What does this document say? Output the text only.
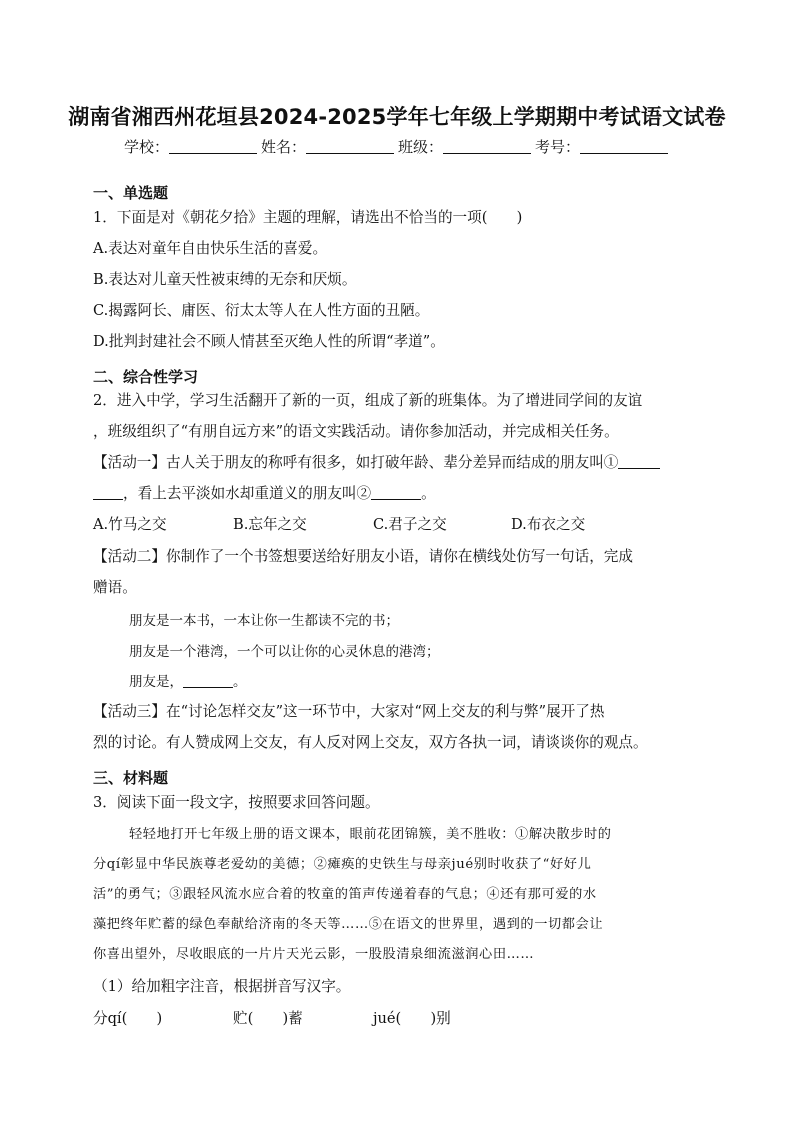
湖南省湘西州花垣县2024-2025学年七年级上学期期中考试语文试卷
学校：	姓名：	班级：	考号：
一、单选题
1．下面是对《朝花夕拾》主题的理解，请选出不恰当的一项(　　)
A.表达对童年自由快乐生活的喜爱。
B.表达对儿童天性被束缚的无奈和厌烦。
C.揭露阿长、庸医、衍太太等人在人性方面的丑陋。
D.批判封建社会不顾人情甚至灭绝人性的所谓“孝道”。
二、综合性学习
2．进入中学，学习生活翻开了新的一页，组成了新的班集体。为了增进同学间的友谊
，班级组织了“有朋自远方来”的语文实践活动。请你参加活动，并完成相关任务。
【活动一】古人关于朋友的称呼有很多，如打破年龄、辈分差异而结成的朋友叫①
，看上去平淡如水却重道义的朋友叫②	。
A.竹马之交	B.忘年之交	C.君子之交	D.布衣之交
【活动二】你制作了一个书签想要送给好朋友小语，请你在横线处仿写一句话，完成
赠语。
朋友是一本书，一本让你一生都读不完的书；
朋友是一个港湾，一个可以让你的心灵休息的港湾；
朋友是，	。
【活动三】在“讨论怎样交友”这一环节中，大家对“网上交友的利与弊”展开了热
烈的讨论。有人赞成网上交友，有人反对网上交友，双方各执一词，请谈谈你的观点。
三、材料题
3．阅读下面一段文字，按照要求回答问题。
轻轻地打开七年级上册的语文课本，眼前花团锦簇，美不胜收：①解决散步时的
分qí彰显中华民族尊老爱幼的美德；②瘫痪的史铁生与母亲jué别时收获了“好好儿
活”的勇气；③跟轻风流水应合着的牧童的笛声传递着春的气息；④还有那可爱的水
藻把终年贮蓄的绿色奉献给济南的冬天等……⑤在语文的世界里，遇到的一切都会让
你喜出望外，尽收眼底的一片片天光云影，一股股清泉细流滋润心田……
（1）给加粗字注音，根据拼音写汉字。
分qí(　　)	贮(　　)蓄	jué(　　)别
